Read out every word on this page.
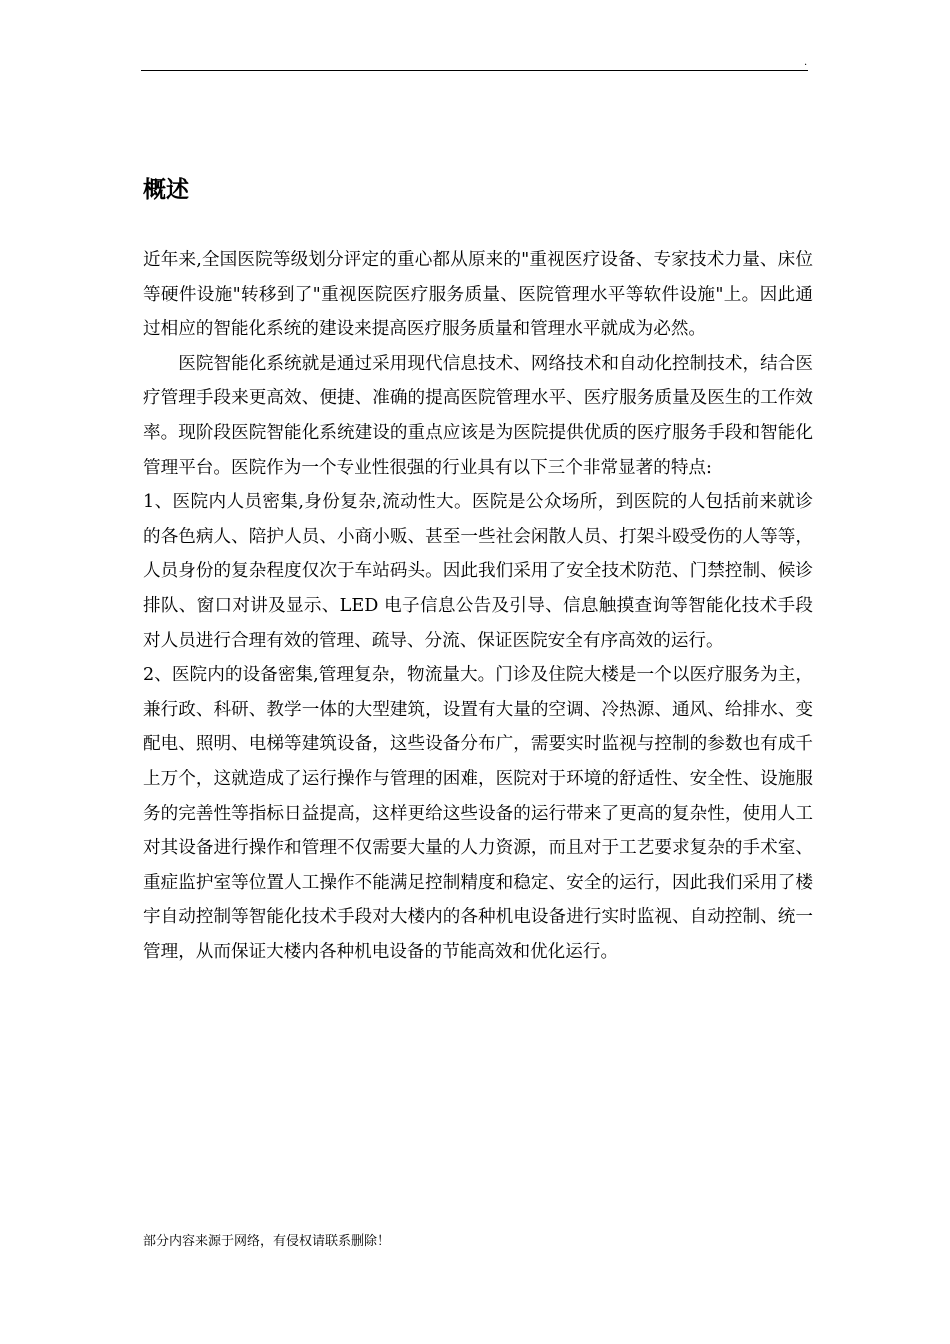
.
概述

近年来,全国医院等级划分评定的重心都从原来的"重视医疗设备、专家技术力量、床位等硬件设施"转移到了"重视医院医疗服务质量、医院管理水平等软件设施"上。因此通过相应的智能化系统的建设来提高医疗服务质量和管理水平就成为必然。

医院智能化系统就是通过采用现代信息技术、网络技术和自动化控制技术，结合医疗管理手段来更高效、便捷、准确的提高医院管理水平、医疗服务质量及医生的工作效率。现阶段医院智能化系统建设的重点应该是为医院提供优质的医疗服务手段和智能化管理平台。医院作为一个专业性很强的行业具有以下三个非常显著的特点:

1、医院内人员密集,身份复杂,流动性大。医院是公众场所，到医院的人包括前来就诊的各色病人、陪护人员、小商小贩、甚至一些社会闲散人员、打架斗殴受伤的人等等，人员身份的复杂程度仅次于车站码头。因此我们采用了安全技术防范、门禁控制、候诊排队、窗口对讲及显示、LED 电子信息公告及引导、信息触摸查询等智能化技术手段对人员进行合理有效的管理、疏导、分流、保证医院安全有序高效的运行。

2、医院内的设备密集,管理复杂，物流量大。门诊及住院大楼是一个以医疗服务为主，兼行政、科研、教学一体的大型建筑，设置有大量的空调、冷热源、通风、给排水、变配电、照明、电梯等建筑设备，这些设备分布广，需要实时监视与控制的参数也有成千上万个，这就造成了运行操作与管理的困难，医院对于环境的舒适性、安全性、设施服务的完善性等指标日益提高，这样更给这些设备的运行带来了更高的复杂性，使用人工对其设备进行操作和管理不仅需要大量的人力资源，而且对于工艺要求复杂的手术室、重症监护室等位置人工操作不能满足控制精度和稳定、安全的运行，因此我们采用了楼宇自动控制等智能化技术手段对大楼内的各种机电设备进行实时监视、自动控制、统一管理，从而保证大楼内各种机电设备的节能高效和优化运行。

部分内容来源于网络，有侵权请联系删除！
